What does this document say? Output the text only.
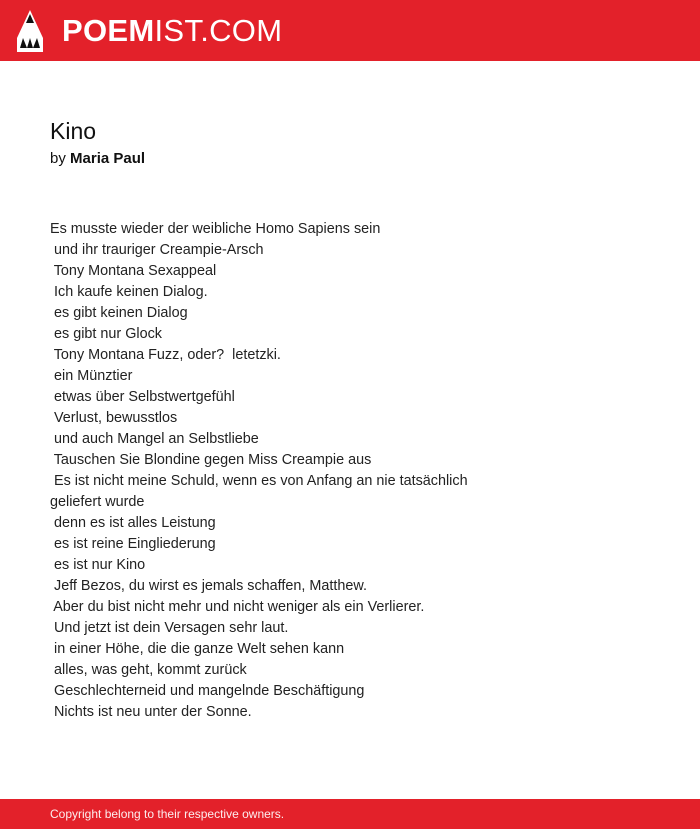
POEMIST.COM
Kino
by Maria Paul
Es musste wieder der weibliche Homo Sapiens sein
und ihr trauriger Creampie-Arsch
Tony Montana Sexappeal
Ich kaufe keinen Dialog.
es gibt keinen Dialog
es gibt nur Glock
Tony Montana Fuzz, oder?  letetzki.
ein Münztier
etwas über Selbstwertgefühl
Verlust, bewusstlos
und auch Mangel an Selbstliebe
Tauschen Sie Blondine gegen Miss Creampie aus
Es ist nicht meine Schuld, wenn es von Anfang an nie tatsächlich
geliefert wurde
denn es ist alles Leistung
es ist reine Eingliederung
es ist nur Kino
Jeff Bezos, du wirst es jemals schaffen, Matthew.
Aber du bist nicht mehr und nicht weniger als ein Verlierer.
Und jetzt ist dein Versagen sehr laut.
in einer Höhe, die die ganze Welt sehen kann
alles, was geht, kommt zurück
Geschlechterneid und mangelnde Beschäftigung
Nichts ist neu unter der Sonne.
Copyright belong to their respective owners.
